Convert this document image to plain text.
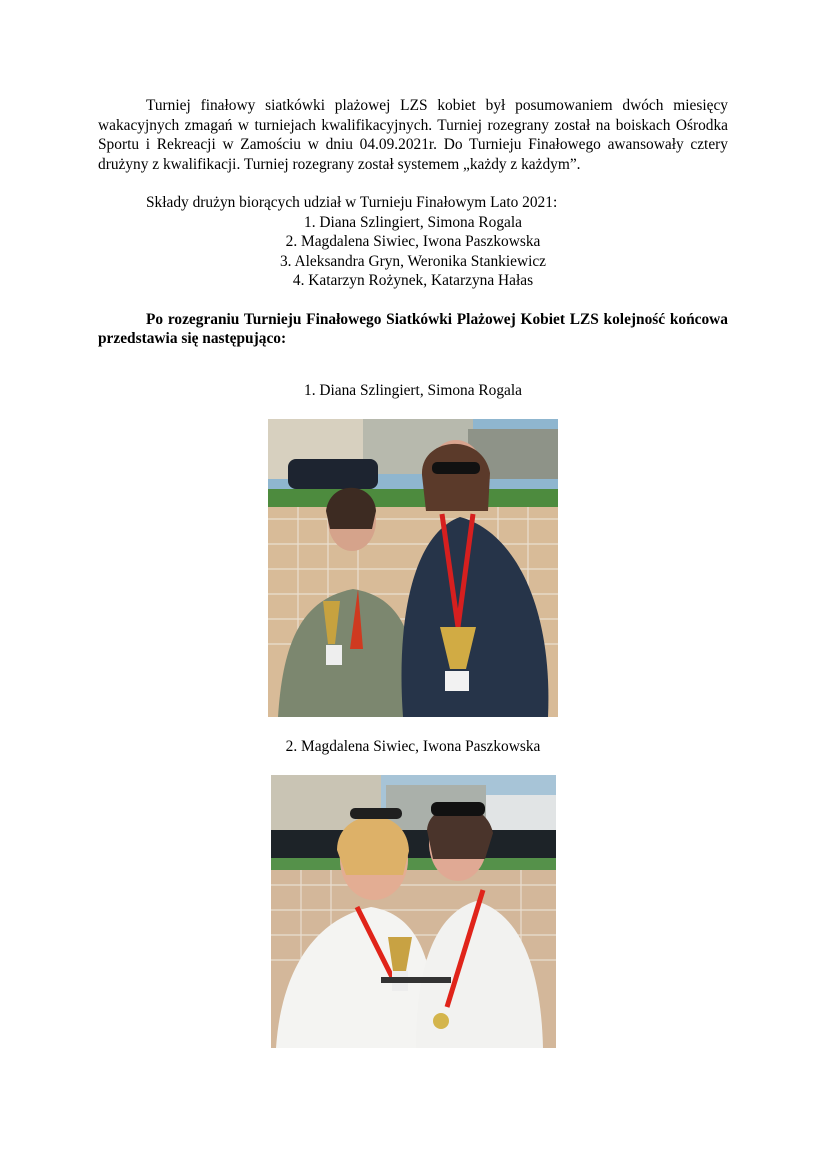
Turniej finałowy siatkówki plażowej LZS kobiet był posumowaniem dwóch miesięcy wakacyjnych zmagań w turniejach kwalifikacyjnych. Turniej rozegrany został na boiskach Ośrodka Sportu i Rekreacji w Zamościu w dniu 04.09.2021r. Do Turnieju Finałowego awansowały cztery drużyny z kwalifikacji. Turniej rozegrany został systemem „każdy z każdym”.

Składy drużyn biorących udział w Turnieju Finałowym Lato 2021:

1. Diana Szlingiert, Simona Rogala
2. Magdalena Siwiec, Iwona Paszkowska
3. Aleksandra Gryn, Weronika Stankiewicz
4. Katarzyn Rożynek, Katarzyna Hałas

Po rozegraniu Turnieju Finałowego Siatkówki Plażowej Kobiet LZS kolejność końcowa przedstawia się następująco:

1. Diana Szlingiert, Simona Rogala
2. Magdalena Siwiec, Iwona Paszkowska
